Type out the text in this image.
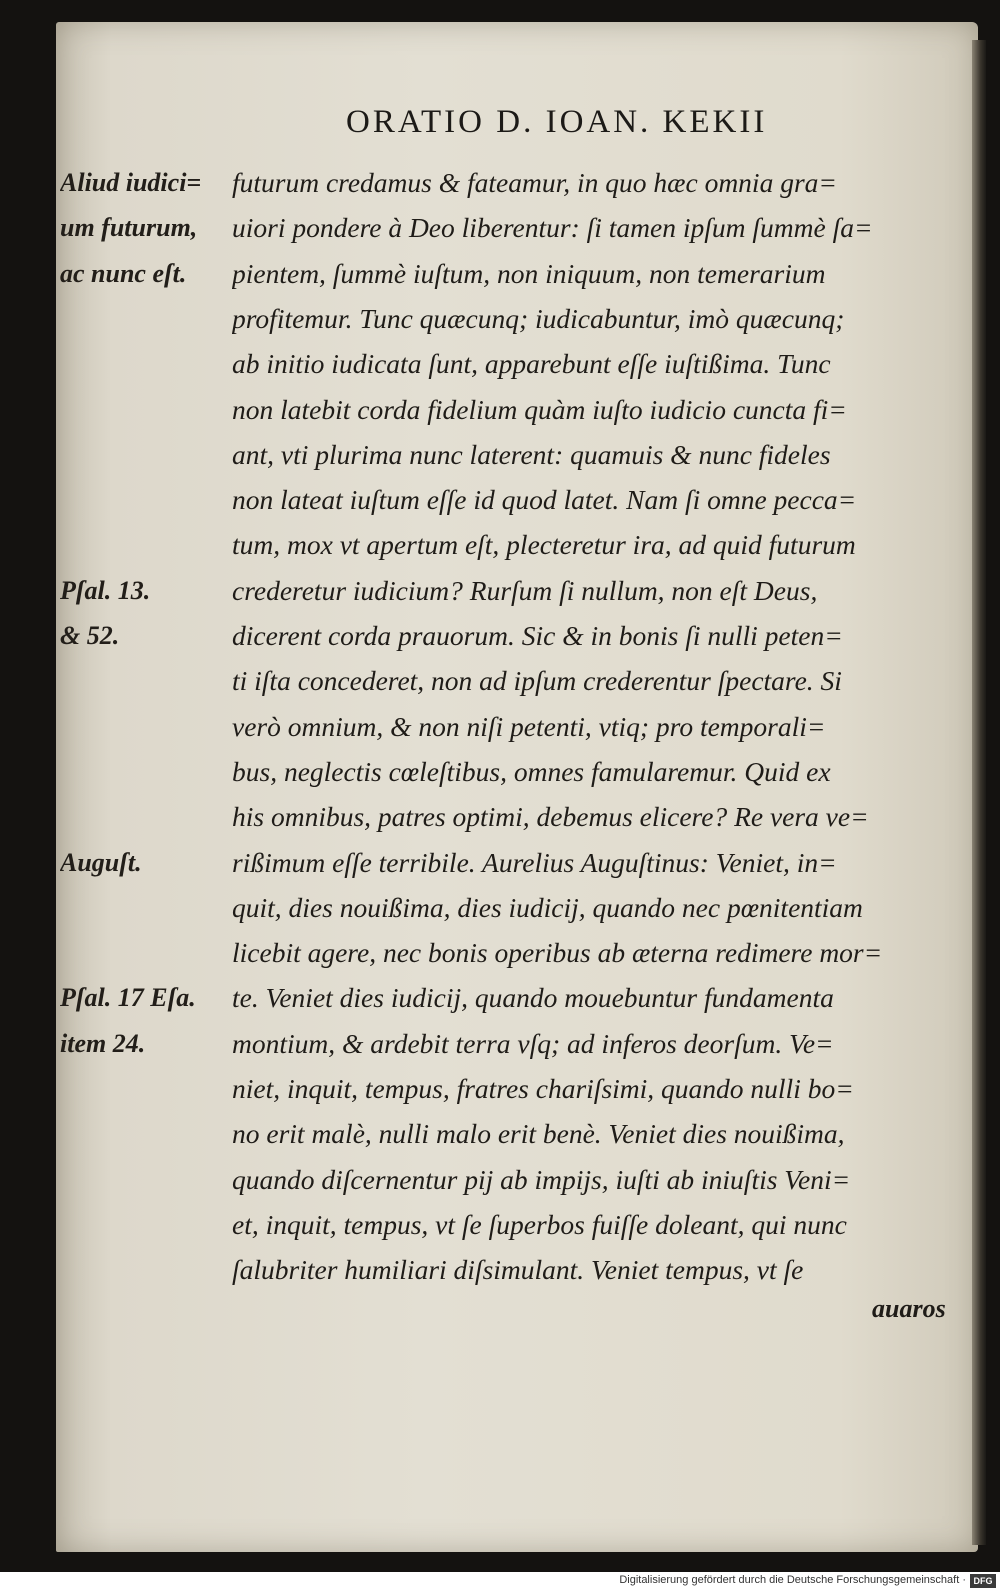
ORATIO D. IOAN. KEKII
Aliud iudici=
um futurum,
ac nunc eſt.
Pſal. 13.
& 52.
Auguſt.
Pſal. 17 Eſa.
item 24.
futurum credamus & fateamur, in quo hæc omnia gra=
uiori pondere à Deo liberentur: ſi tamen ipſum ſummè ſa=
pientem, ſummè iuſtum, non iniquum, non temerarium
profitemur. Tunc quæcunq; iudicabuntur, imò quæcunq;
ab initio iudicata ſunt, apparebunt eſſe iuſtißima. Tunc
non latebit corda fidelium quàm iuſto iudicio cuncta fi=
ant, vti plurima nunc laterent: quamuis & nunc fideles
non lateat iuſtum eſſe id quod latet. Nam ſi omne pecca=
tum, mox vt apertum eſt, plecteretur ira, ad quid futurum
crederetur iudicium? Rurſum ſi nullum, non eſt Deus,
dicerent corda prauorum. Sic & in bonis ſi nulli peten=
ti iſta concederet, non ad ipſum crederentur ſpectare. Si
verò omnium, & non niſi petenti, vtiq; pro temporali=
bus, neglectis cœleſtibus, omnes famularemur. Quid ex
his omnibus, patres optimi, debemus elicere? Re vera ve=
rißimum eſſe terribile. Aurelius Auguſtinus: Veniet, in=
quit, dies nouißima, dies iudicij, quando nec pœnitentiam
licebit agere, nec bonis operibus ab æterna redimere mor=
te. Veniet dies iudicij, quando mouebuntur fundamenta
montium, & ardebit terra vſq; ad inferos deorſum. Ve=
niet, inquit, tempus, fratres chariſsimi, quando nulli bo=
no erit malè, nulli malo erit benè. Veniet dies nouißima,
quando diſcernentur pij ab impijs, iuſti ab iniuſtis Veni=
et, inquit, tempus, vt ſe ſuperbos fuiſſe doleant, qui nunc
ſalubriter humiliari diſsimulant. Veniet tempus, vt ſe
auaros
Digitalisierung gefördert durch die Deutsche Forschungsgemeinschaft · DFG
